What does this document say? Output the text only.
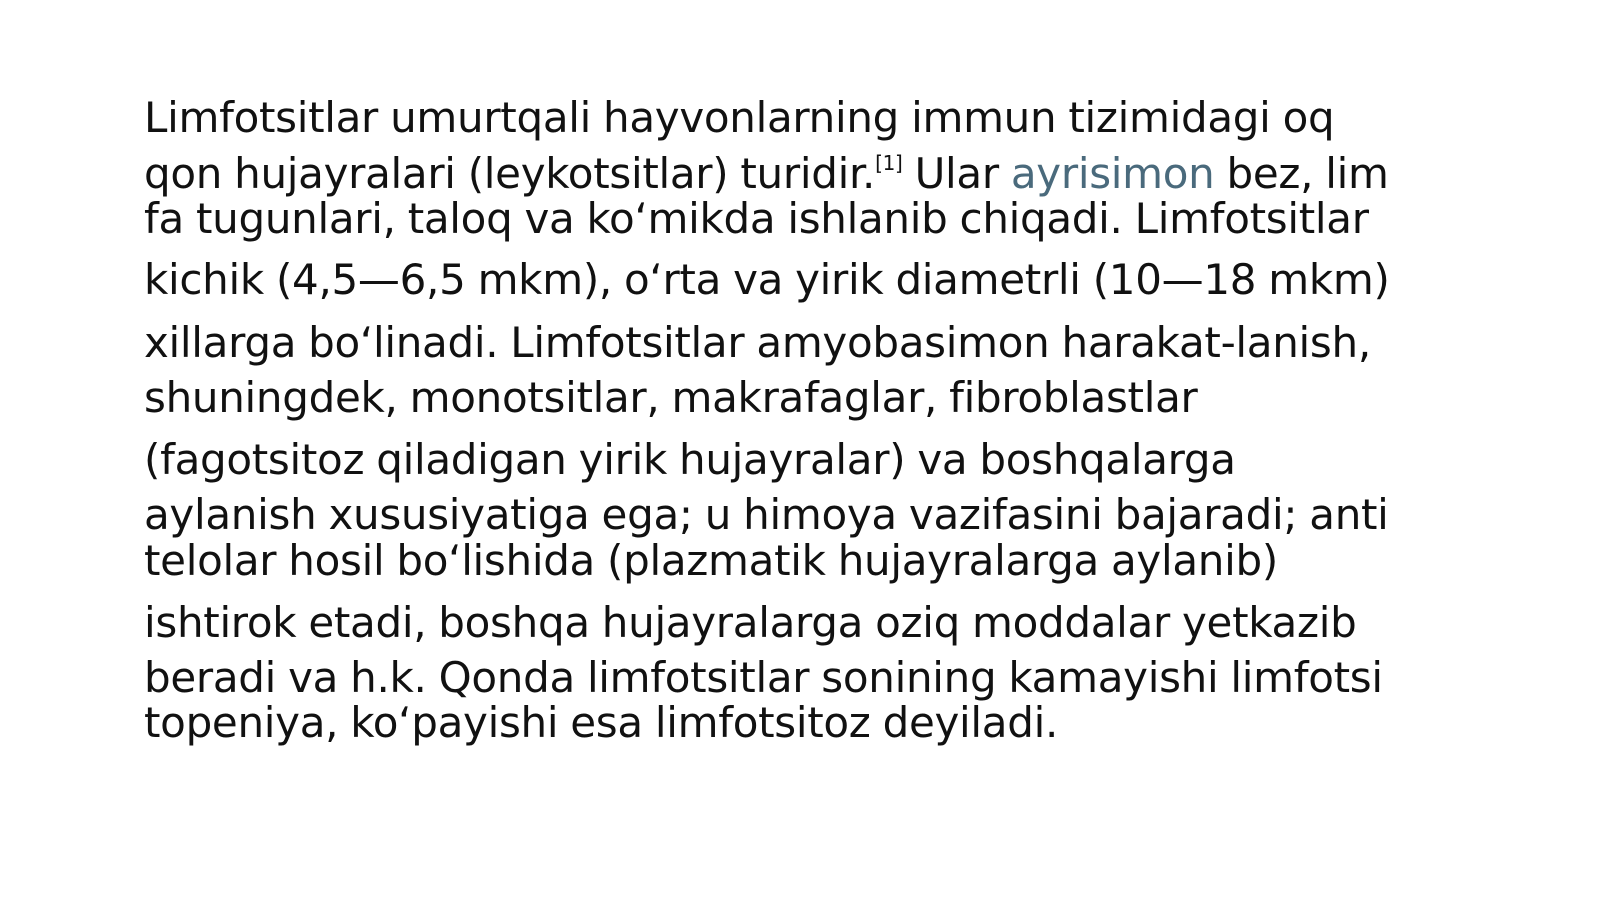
Limfotsitlar umurtqali hayvonlarning immun tizimidagi oq
qon hujayralari (leykotsitlar) turidir.[1] Ular ayrisimon bez, lim
fa tugunlari, taloq va koʻmikda ishlanib chiqadi. Limfotsitlar
kichik (4,5—6,5 mkm), oʻrta va yirik diametrli (10—18 mkm)
xillarga boʻlinadi. Limfotsitlar amyobasimon harakat-lanish,
shuningdek, monotsitlar, makrafaglar, fibroblastlar
(fagotsitoz qiladigan yirik hujayralar) va boshqalarga
aylanish xususiyatiga ega; u himoya vazifasini bajaradi; anti
telolar hosil boʻlishida (plazmatik hujayralarga aylanib)
ishtirok etadi, boshqa hujayralarga oziq moddalar yetkazib
beradi va h.k. Qonda limfotsitlar sonining kamayishi limfotsi
topeniya, koʻpayishi esa limfotsitoz deyiladi.
